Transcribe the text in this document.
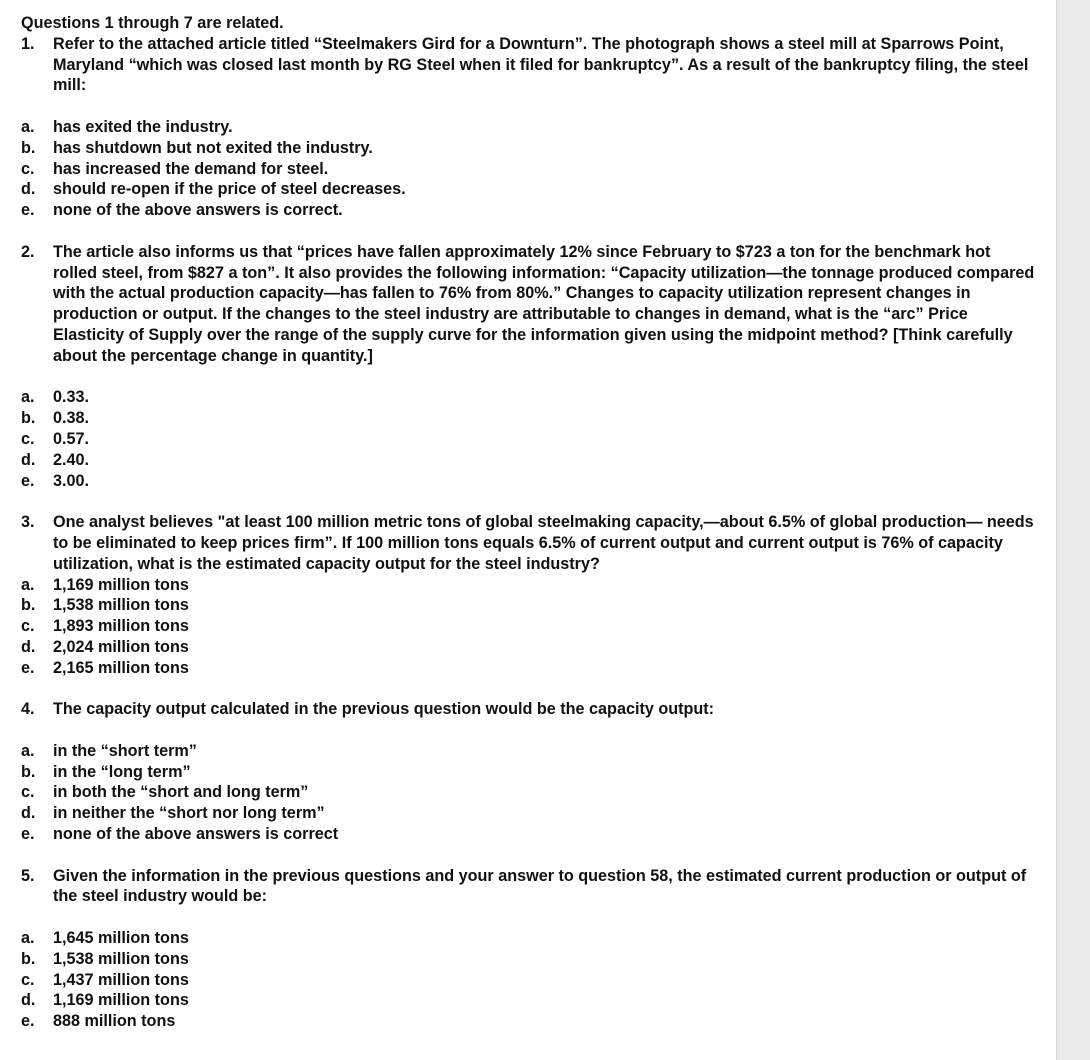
Questions 1 through 7 are related.
1.	Refer to the attached article titled “Steelmakers Gird for a Downturn”. The photograph shows a steel mill at Sparrows Point, Maryland “which was closed last month by RG Steel when it filed for bankruptcy”. As a result of the bankruptcy filing, the steel mill:
a.	has exited the industry.
b.	has shutdown but not exited the industry.
c.	has increased the demand for steel.
d.	should re-open if the price of steel decreases.
e.	none of the above answers is correct.
2.	The article also informs us that “prices have fallen approximately 12% since February to $723 a ton for the benchmark hot rolled steel, from $827 a ton”. It also provides the following information: “Capacity utilization—the tonnage produced compared with the actual production capacity—has fallen to 76% from 80%.” Changes to capacity utilization represent changes in production or output. If the changes to the steel industry are attributable to changes in demand, what is the “arc” Price Elasticity of Supply over the range of the supply curve for the information given using the midpoint method? [Think carefully about the percentage change in quantity.]
a.	0.33.
b.	0.38.
c.	0.57.
d.	2.40.
e.	3.00.
3.	One analyst believes "at least 100 million metric tons of global steelmaking capacity,—about 6.5% of global production— needs to be eliminated to keep prices firm”. If 100 million tons equals 6.5% of current output and current output is 76% of capacity utilization, what is the estimated capacity output for the steel industry?
a.	1,169 million tons
b.	1,538 million tons
c.	1,893 million tons
d.	2,024 million tons
e.	2,165 million tons
4.	The capacity output calculated in the previous question would be the capacity output:
a.	in the “short term”
b.	in the “long term”
c.	in both the “short and long term”
d.	in neither the “short nor long term”
e.	none of the above answers is correct
5.	Given the information in the previous questions and your answer to question 58, the estimated current production or output of the steel industry would be:
a.	1,645 million tons
b.	1,538 million tons
c.	1,437 million tons
d.	1,169 million tons
e.	888 million tons
